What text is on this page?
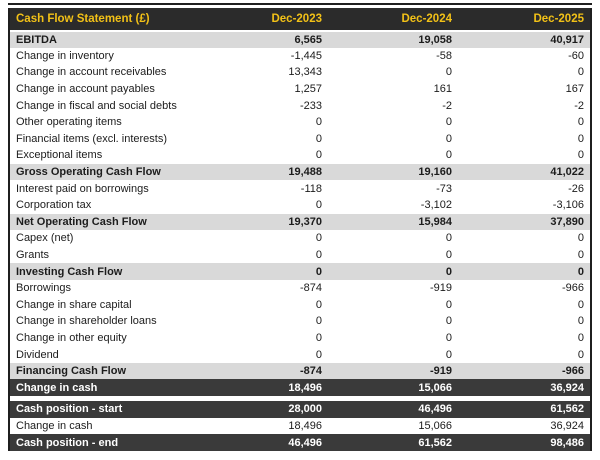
Cash Flow Statement (£)	Dec-2023	Dec-2024	Dec-2025
EBITDA	6,565	19,058	40,917
Change in inventory	-1,445	-58	-60
Change in account receivables	13,343	0	0
Change in account payables	1,257	161	167
Change in fiscal and social debts	-233	-2	-2
Other operating items	0	0	0
Financial items (excl. interests)	0	0	0
Exceptional items	0	0	0
Gross Operating Cash Flow	19,488	19,160	41,022
Interest paid on borrowings	-118	-73	-26
Corporation tax	0	-3,102	-3,106
Net Operating Cash Flow	19,370	15,984	37,890
Capex (net)	0	0	0
Grants	0	0	0
Investing Cash Flow	0	0	0
Borrowings	-874	-919	-966
Change in share capital	0	0	0
Change in shareholder loans	0	0	0
Change in other equity	0	0	0
Dividend	0	0	0
Financing Cash Flow	-874	-919	-966
Change in cash	18,496	15,066	36,924

Cash position - start	28,000	46,496	61,562
Change in cash	18,496	15,066	36,924
Cash position - end	46,496	61,562	98,486
